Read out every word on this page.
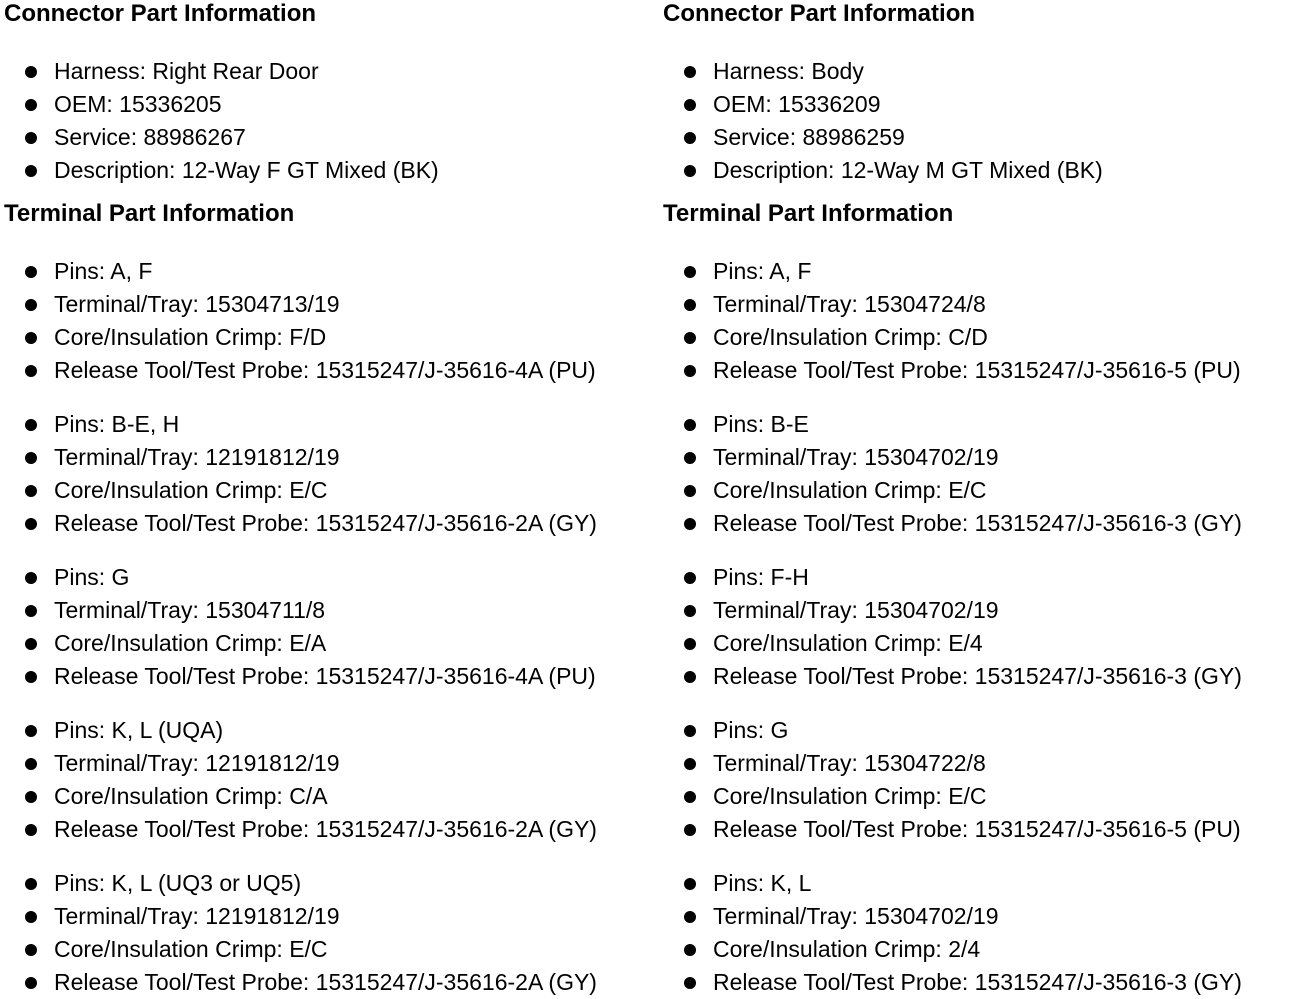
Connector Part Information
Harness: Right Rear Door
OEM: 15336205
Service: 88986267
Description: 12-Way F GT Mixed (BK)
Terminal Part Information
Pins: A, F
Terminal/Tray: 15304713/19
Core/Insulation Crimp: F/D
Release Tool/Test Probe: 15315247/J-35616-4A (PU)
Pins: B-E, H
Terminal/Tray: 12191812/19
Core/Insulation Crimp: E/C
Release Tool/Test Probe: 15315247/J-35616-2A (GY)
Pins: G
Terminal/Tray: 15304711/8
Core/Insulation Crimp: E/A
Release Tool/Test Probe: 15315247/J-35616-4A (PU)
Pins: K, L (UQA)
Terminal/Tray: 12191812/19
Core/Insulation Crimp: C/A
Release Tool/Test Probe: 15315247/J-35616-2A (GY)
Pins: K, L (UQ3 or UQ5)
Terminal/Tray: 12191812/19
Core/Insulation Crimp: E/C
Release Tool/Test Probe: 15315247/J-35616-2A (GY)
Connector Part Information
Harness: Body
OEM: 15336209
Service: 88986259
Description: 12-Way M GT Mixed (BK)
Terminal Part Information
Pins: A, F
Terminal/Tray: 15304724/8
Core/Insulation Crimp: C/D
Release Tool/Test Probe: 15315247/J-35616-5 (PU)
Pins: B-E
Terminal/Tray: 15304702/19
Core/Insulation Crimp: E/C
Release Tool/Test Probe: 15315247/J-35616-3 (GY)
Pins: F-H
Terminal/Tray: 15304702/19
Core/Insulation Crimp: E/4
Release Tool/Test Probe: 15315247/J-35616-3 (GY)
Pins: G
Terminal/Tray: 15304722/8
Core/Insulation Crimp: E/C
Release Tool/Test Probe: 15315247/J-35616-5 (PU)
Pins: K, L
Terminal/Tray: 15304702/19
Core/Insulation Crimp: 2/4
Release Tool/Test Probe: 15315247/J-35616-3 (GY)
